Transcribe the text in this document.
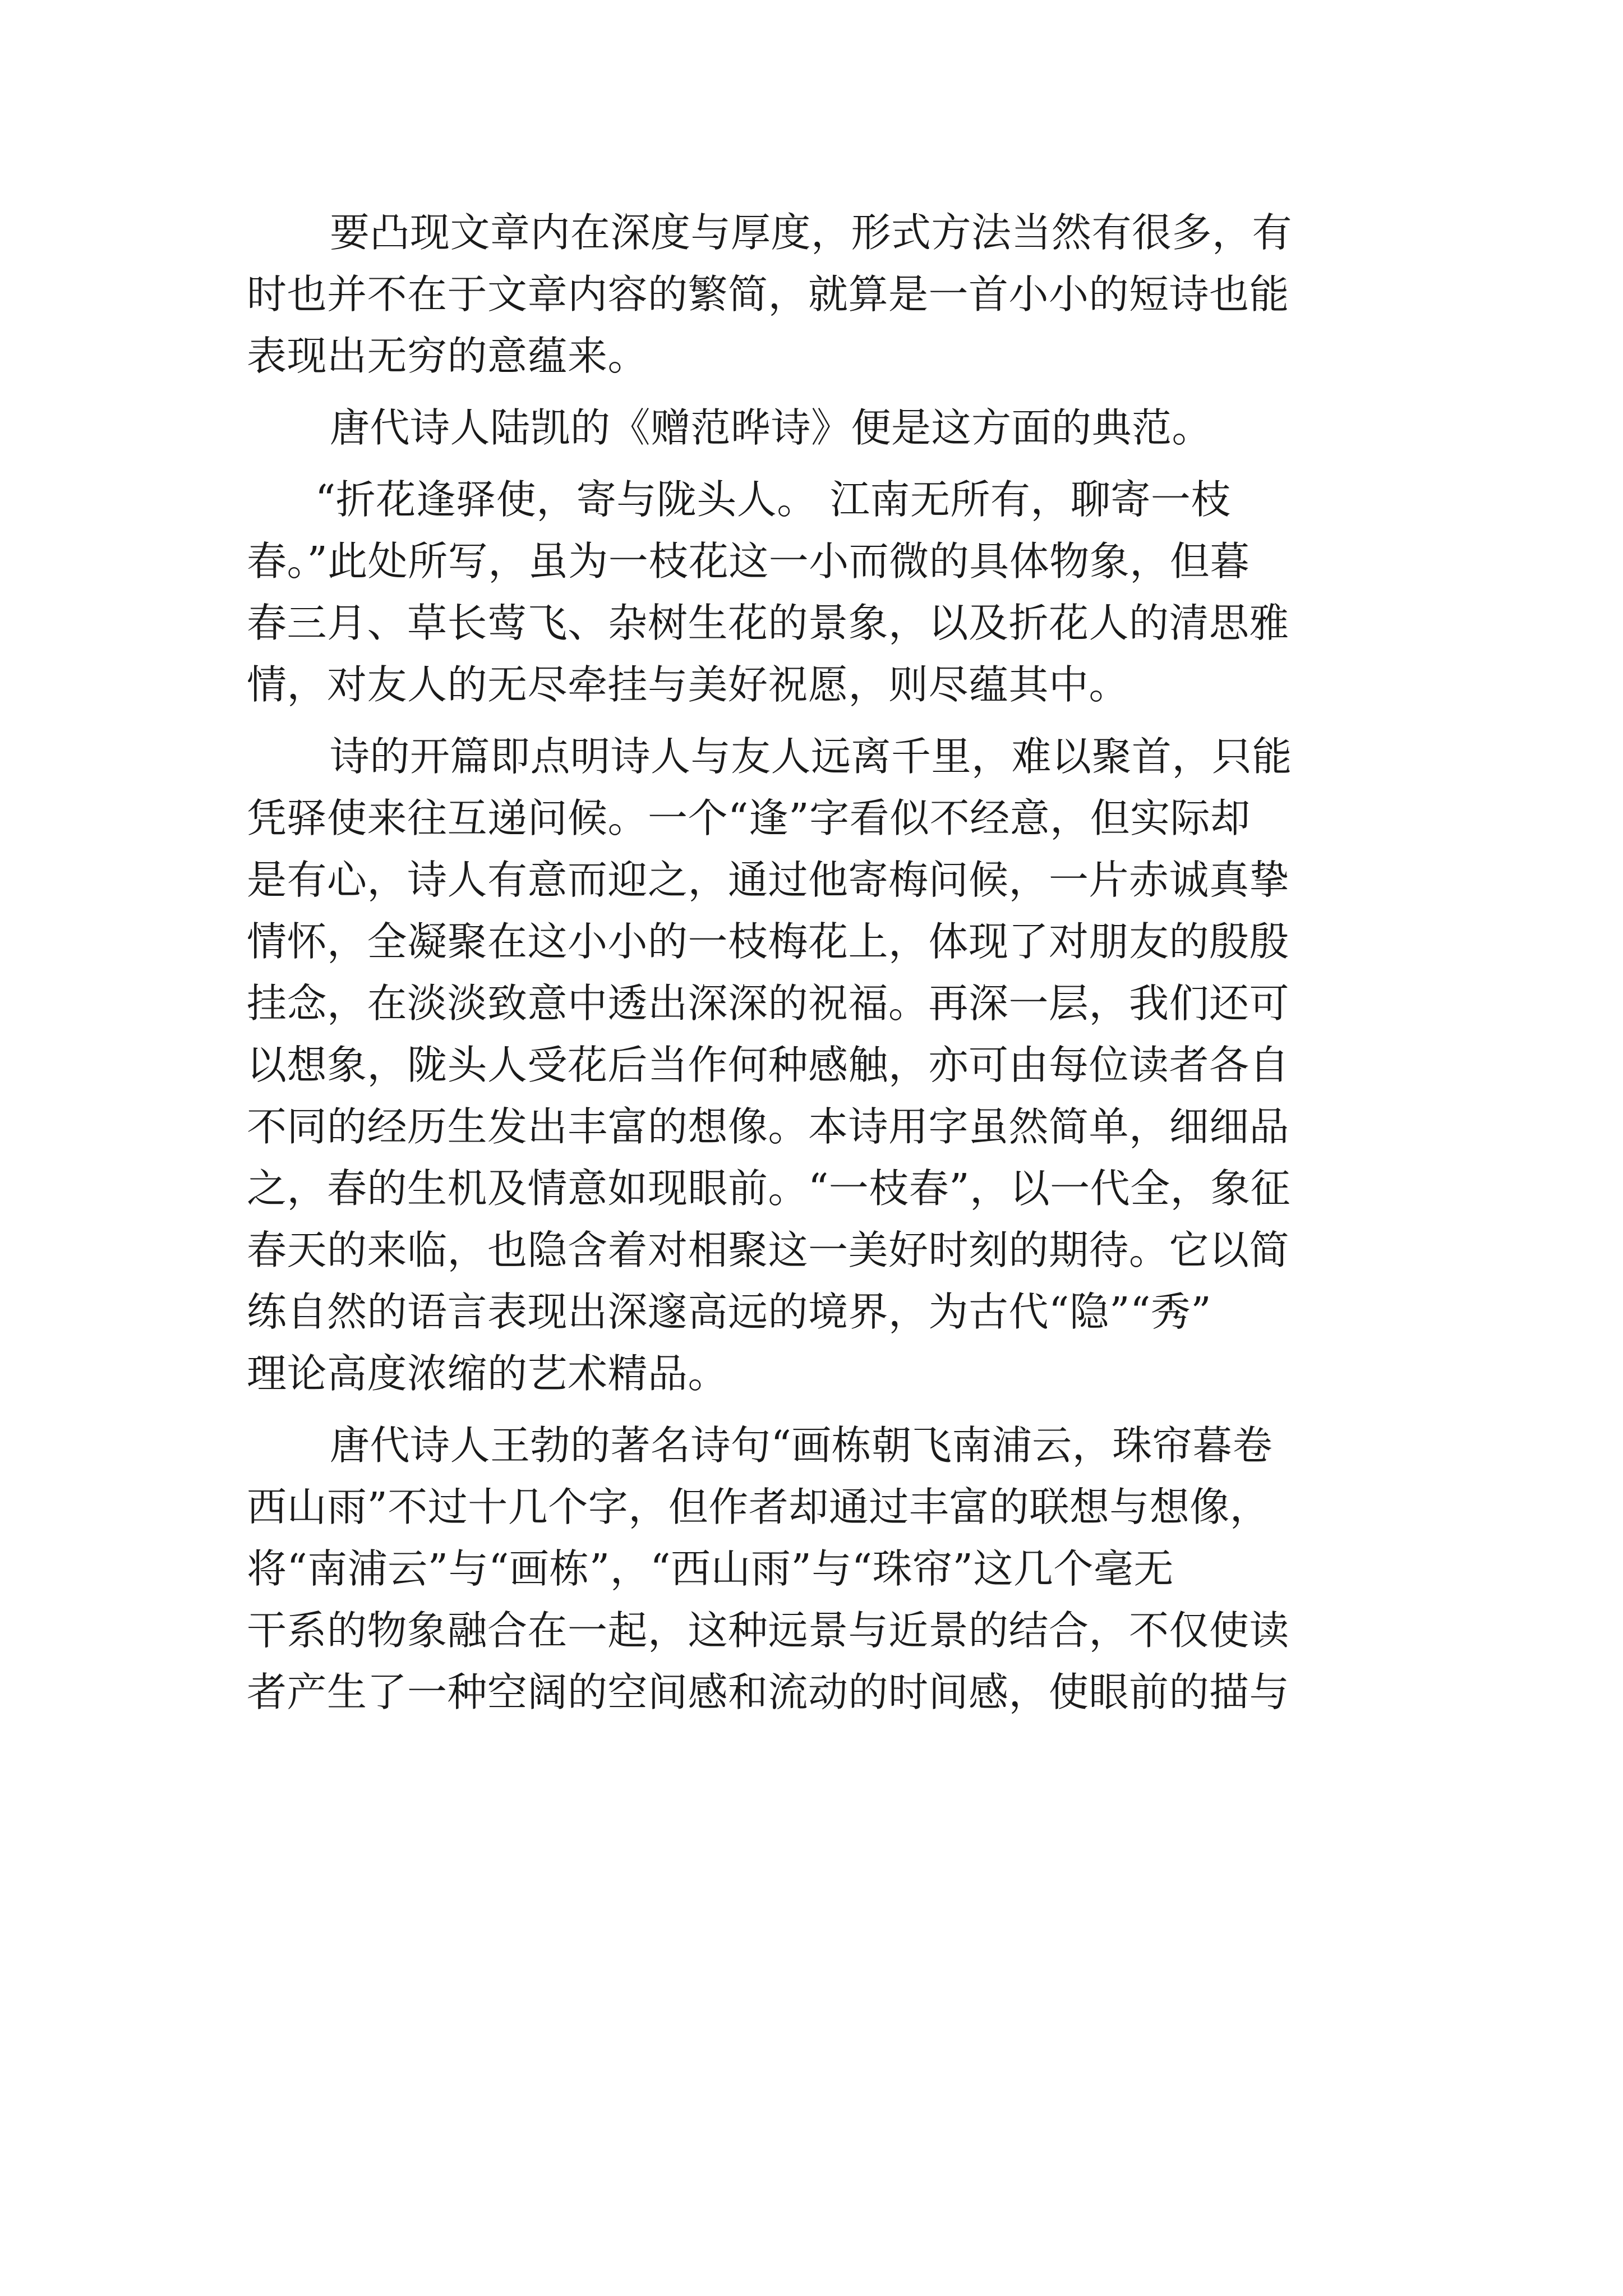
要凸现文章内在深度与厚度，形式方法当然有很多，有
时也并不在于文章内容的繁简，就算是一首小小的短诗也能
表现出无穷的意蕴来。
唐代诗人陆凯的《赠范晔诗》便是这方面的典范。
“折花逢驿使，寄与陇头人。 江南无所有，聊寄一枝
春。”此处所写，虽为一枝花这一小而微的具体物象，但暮
春三月、草长莺飞、杂树生花的景象，以及折花人的清思雅
情，对友人的无尽牵挂与美好祝愿，则尽蕴其中。
诗的开篇即点明诗人与友人远离千里，难以聚首，只能
凭驿使来往互递问候。一个“逢”字看似不经意，但实际却
是有心，诗人有意而迎之，通过他寄梅问候，一片赤诚真挚
情怀，全凝聚在这小小的一枝梅花上，体现了对朋友的殷殷
挂念，在淡淡致意中透出深深的祝福。再深一层，我们还可
以想象，陇头人受花后当作何种感触，亦可由每位读者各自
不同的经历生发出丰富的想像。本诗用字虽然简单，细细品
之，春的生机及情意如现眼前。“一枝春”，以一代全，象征
春天的来临，也隐含着对相聚这一美好时刻的期待。它以简
练自然的语言表现出深邃高远的境界，为古代“隐”“秀”
理论高度浓缩的艺术精品。
唐代诗人王勃的著名诗句“画栋朝飞南浦云，珠帘暮卷
西山雨”不过十几个字，但作者却通过丰富的联想与想像，
将“南浦云”与“画栋”，“西山雨”与“珠帘”这几个毫无
干系的物象融合在一起，这种远景与近景的结合，不仅使读
者产生了一种空阔的空间感和流动的时间感，使眼前的描与
